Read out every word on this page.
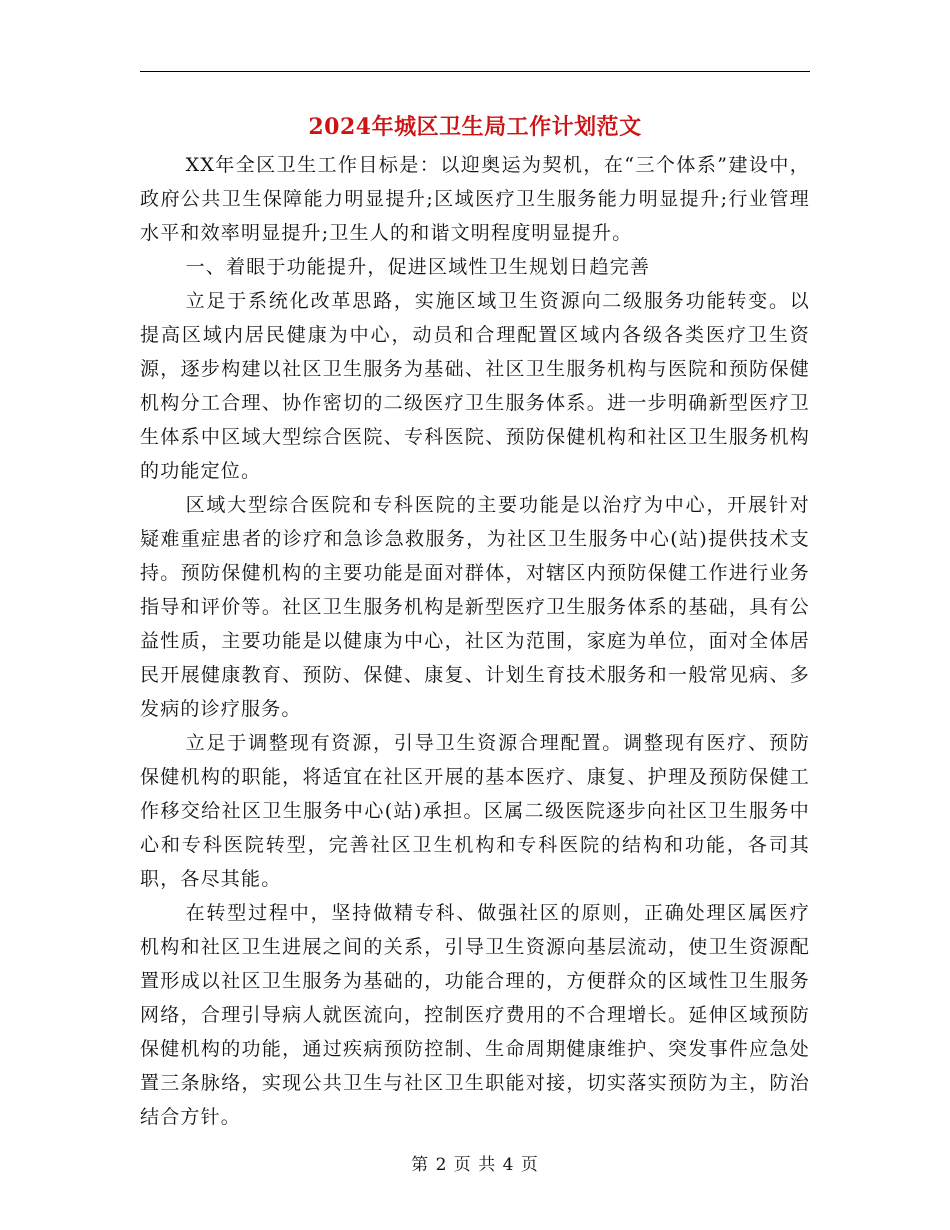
2024年城区卫生局工作计划范文

XX年全区卫生工作目标是：以迎奥运为契机，在“三个体系”建设中，政府公共卫生保障能力明显提升;区域医疗卫生服务能力明显提升;行业管理水平和效率明显提升;卫生人的和谐文明程度明显提升。

一、着眼于功能提升，促进区域性卫生规划日趋完善

立足于系统化改革思路，实施区域卫生资源向二级服务功能转变。以提高区域内居民健康为中心，动员和合理配置区域内各级各类医疗卫生资源，逐步构建以社区卫生服务为基础、社区卫生服务机构与医院和预防保健机构分工合理、协作密切的二级医疗卫生服务体系。进一步明确新型医疗卫生体系中区域大型综合医院、专科医院、预防保健机构和社区卫生服务机构的功能定位。

区域大型综合医院和专科医院的主要功能是以治疗为中心，开展针对疑难重症患者的诊疗和急诊急救服务，为社区卫生服务中心(站)提供技术支持。预防保健机构的主要功能是面对群体，对辖区内预防保健工作进行业务指导和评价等。社区卫生服务机构是新型医疗卫生服务体系的基础，具有公益性质，主要功能是以健康为中心，社区为范围，家庭为单位，面对全体居民开展健康教育、预防、保健、康复、计划生育技术服务和一般常见病、多发病的诊疗服务。

立足于调整现有资源，引导卫生资源合理配置。调整现有医疗、预防保健机构的职能，将适宜在社区开展的基本医疗、康复、护理及预防保健工作移交给社区卫生服务中心(站)承担。区属二级医院逐步向社区卫生服务中心和专科医院转型，完善社区卫生机构和专科医院的结构和功能，各司其职，各尽其能。

在转型过程中，坚持做精专科、做强社区的原则，正确处理区属医疗机构和社区卫生进展之间的关系，引导卫生资源向基层流动，使卫生资源配置形成以社区卫生服务为基础的，功能合理的，方便群众的区域性卫生服务网络，合理引导病人就医流向，控制医疗费用的不合理增长。延伸区域预防保健机构的功能，通过疾病预防控制、生命周期健康维护、突发事件应急处置三条脉络，实现公共卫生与社区卫生职能对接，切实落实预防为主，防治结合方针。

第 2 页 共 4 页
